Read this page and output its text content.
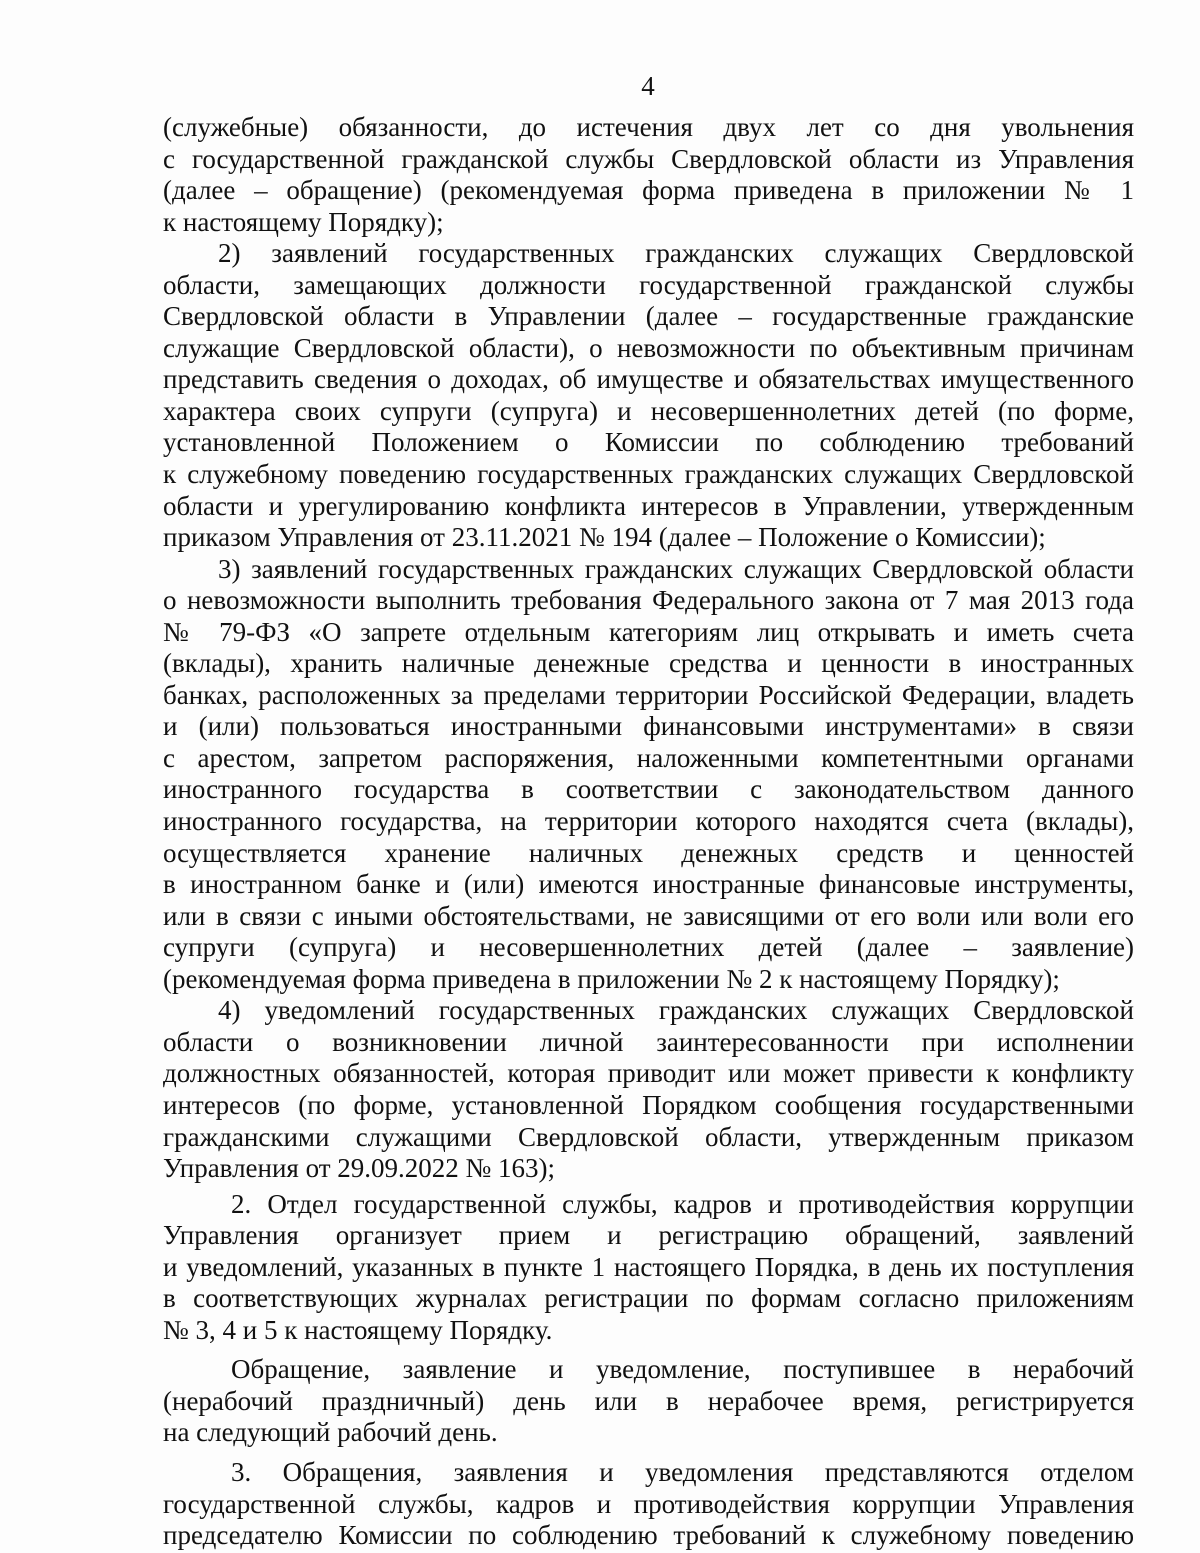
4
(служебные) обязанности, до истечения двух лет со дня увольнения
с государственной гражданской службы Свердловской области из Управления
(далее – обращение) (рекомендуемая форма приведена в приложении № 1
к настоящему Порядку);
2) заявлений государственных гражданских служащих Свердловской
области, замещающих должности государственной гражданской службы
Свердловской области в Управлении (далее – государственные гражданские
служащие Свердловской области), о невозможности по объективным причинам
представить сведения о доходах, об имуществе и обязательствах имущественного
характера своих супруги (супруга) и несовершеннолетних детей (по форме,
установленной Положением о Комиссии по соблюдению требований
к служебному поведению государственных гражданских служащих Свердловской
области и урегулированию конфликта интересов в Управлении, утвержденным
приказом Управления от 23.11.2021 № 194 (далее – Положение о Комиссии);
3) заявлений государственных гражданских служащих Свердловской области
о невозможности выполнить требования Федерального закона от 7 мая 2013 года
№ 79-ФЗ «О запрете отдельным категориям лиц открывать и иметь счета
(вклады), хранить наличные денежные средства и ценности в иностранных
банках, расположенных за пределами территории Российской Федерации, владеть
и (или) пользоваться иностранными финансовыми инструментами» в связи
с арестом, запретом распоряжения, наложенными компетентными органами
иностранного государства в соответствии с законодательством данного
иностранного государства, на территории которого находятся счета (вклады),
осуществляется хранение наличных денежных средств и ценностей
в иностранном банке и (или) имеются иностранные финансовые инструменты,
или в связи с иными обстоятельствами, не зависящими от его воли или воли его
супруги (супруга) и несовершеннолетних детей (далее – заявление)
(рекомендуемая форма приведена в приложении № 2 к настоящему Порядку);
4) уведомлений государственных гражданских служащих Свердловской
области о возникновении личной заинтересованности при исполнении
должностных обязанностей, которая приводит или может привести к конфликту
интересов (по форме, установленной Порядком сообщения государственными
гражданскими служащими Свердловской области, утвержденным приказом
Управления от 29.09.2022 № 163);
2. Отдел государственной службы, кадров и противодействия коррупции
Управления организует прием и регистрацию обращений, заявлений
и уведомлений, указанных в пункте 1 настоящего Порядка, в день их поступления
в соответствующих журналах регистрации по формам согласно приложениям
№ 3, 4 и 5 к настоящему Порядку.
Обращение, заявление и уведомление, поступившее в нерабочий
(нерабочий праздничный) день или в нерабочее время, регистрируется
на следующий рабочий день.
3. Обращения, заявления и уведомления представляются отделом
государственной службы, кадров и противодействия коррупции Управления
председателю Комиссии по соблюдению требований к служебному поведению
